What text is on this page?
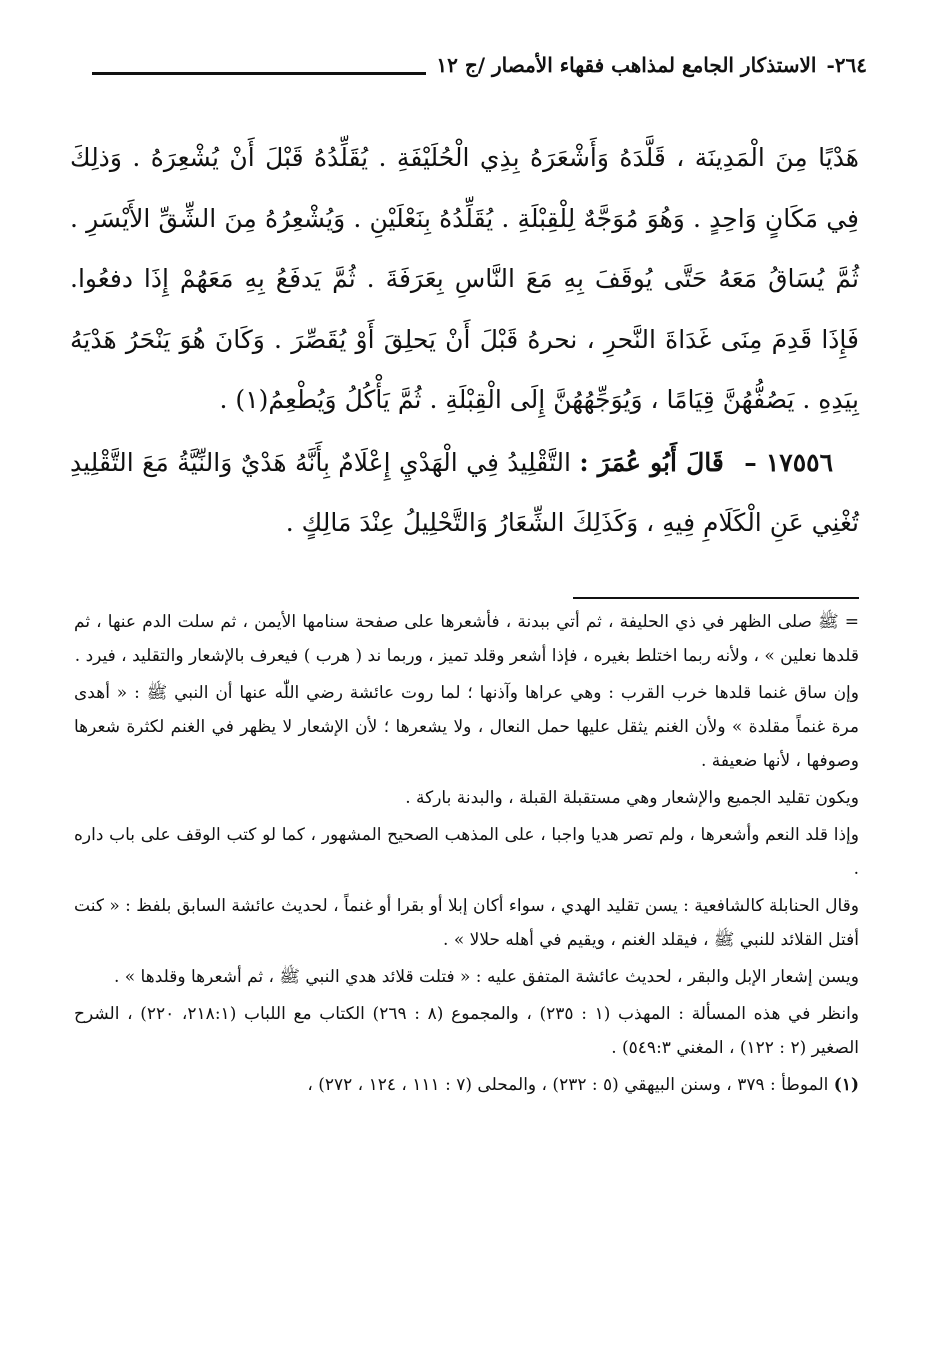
٢٦٤-
الاستذكار الجامع لمذاهب فقهاء الأمصار /ج ١٢

هَدْيًا مِنَ الْمَدِينَة ، قَلَّدَهُ وَأَشْعَرَهُ بِذِي الْحُلَيْفَةِ . يُقَلِّدُهُ قَبْلَ أَنْ يُشْعِرَهُ . وَذلِكَ فِي مَكَانٍ وَاحِدٍ . وَهُوَ مُوَجَّهٌ لِلْقِبْلَةِ . يُقَلِّدُهُ بِنَعْلَيْنِ . وَيُشْعِرُهُ مِنَ الشِّقِّ الأَيْسَرِ . ثُمَّ يُسَاقُ مَعَهُ حَتَّى يُوقَفَ بِهِ مَعَ النَّاسِ بِعَرَفَةَ . ثُمَّ يَدفَعُ بِهِ مَعَهُمْ إِذَا دفعُوا. فَإِذَا قَدِمَ مِنَى غَدَاةَ النَّحرِ ، نحرهُ قَبْلَ أَنْ يَحلِقَ أَوْ يُقَصِّرَ . وَكَانَ هُوَ يَنْحَرُ هَدْيَهُ بِيَدِهِ . يَصُفُّهُنَّ قِيَامًا ، وَيُوَجِّهُهُنَّ إِلَى الْقِبْلَةِ . ثُمَّ يَأْكُلُ وَيُطْعِمُ(١) .

١٧٥٥٦ – قَالَ أَبُو عُمَرَ : التَّقْلِيدُ فِي الْهَدْيِ إِعْلَامٌ بِأَنَّهُ هَدْيٌ وَالنِّيَّةُ مَعَ التَّقْلِيدِ تُغْنِي عَنِ الْكَلَامِ فِيهِ ، وَكَذَلِكَ الشِّعَارُ وَالتَّحْلِيلُ عِنْدَ مَالِكٍ .

= ﷺ صلى الظهر في ذي الحليفة ، ثم أتي ببدنة ، فأشعرها على صفحة سنامها الأيمن ، ثم سلت الدم عنها ، ثم قلدها نعلين » ، ولأنه ربما اختلط بغيره ، فإذا أشعر وقلد تميز ، وربما ند ( هرب ) فيعرف بالإشعار والتقليد ، فيرد .

وإن ساق غنما قلدها خرب القرب : وهي عراها وآذنها ؛ لما روت عائشة رضي اللّٰه عنها أن النبي ﷺ : « أهدى مرة غنماً مقلدة » ولأن الغنم يثقل عليها حمل النعال ، ولا يشعرها ؛ لأن الإشعار لا يظهر في الغنم لكثرة شعرها وصوفها ، لأنها ضعيفة .

ويكون تقليد الجميع والإشعار وهي مستقبلة القبلة ، والبدنة باركة .

وإذا قلد النعم وأشعرها ، ولم تصر هديا واجبا ، على المذهب الصحيح المشهور ، كما لو كتب الوقف على باب داره .

وقال الحنابلة كالشافعية : يسن تقليد الهدي ، سواء أكان إبلا أو بقرا أو غنماً ، لحديث عائشة السابق بلفظ : « كنت أفتل القلائد للنبي ﷺ ، فيقلد الغنم ، ويقيم في أهله حلالا » .

ويسن إشعار الإبل والبقر ، لحديث عائشة المتفق عليه : « فتلت قلائد هدي النبي ﷺ ، ثم أشعرها وقلدها » .

وانظر في هذه المسألة : المهذب (١ : ٢٣٥) ، والمجموع (٨ : ٢٦٩) الكتاب مع اللباب (٢١٨:١، ٢٢٠) ، الشرح الصغير (٢ : ١٢٢) ، المغني ٥٤٩:٣) .

(١) الموطأ : ٣٧٩ ، وسنن البيهقي (٥ : ٢٣٢) ، والمحلى (٧ : ١١١ ، ١٢٤ ، ٢٧٢) ،
